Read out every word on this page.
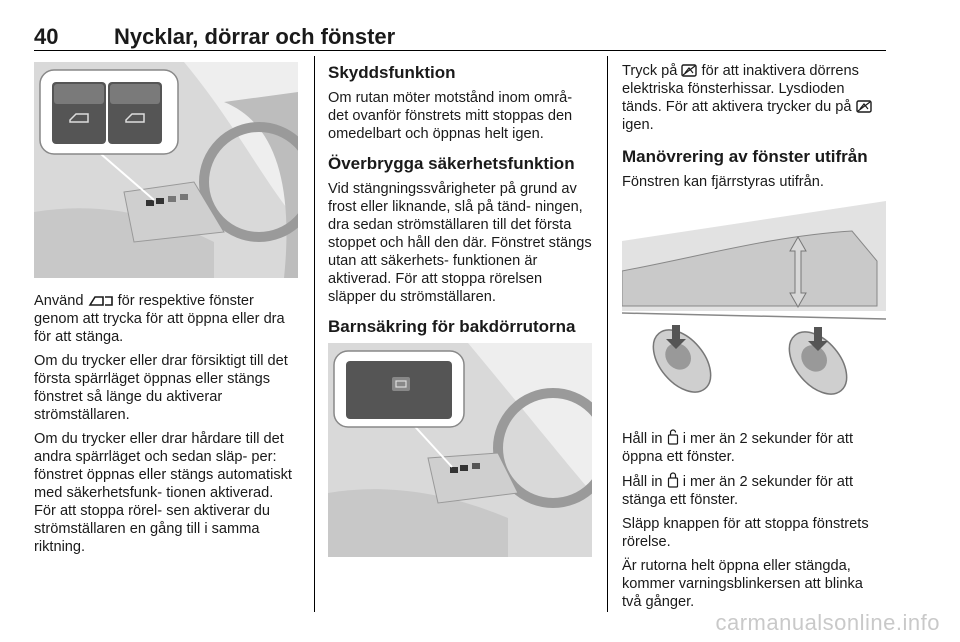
40	Nycklar, dörrar och fönster

Använd för respektive fönster genom att trycka för att öppna eller dra för att stänga.

Om du trycker eller drar försiktigt till det första spärrläget öppnas eller stängs fönstret så länge du aktiverar strömställaren.

Om du trycker eller drar hårdare till det andra spärrläget och sedan släp‐ per: fönstret öppnas eller stängs automatiskt med säkerhetsfunk‐ tionen aktiverad. För att stoppa rörel‐ sen aktiverar du strömställaren en gång till i samma riktning.

Skyddsfunktion

Om rutan möter motstånd inom områ‐ det ovanför fönstrets mitt stoppas den omedelbart och öppnas helt igen.

Överbrygga säkerhetsfunktion

Vid stängningssvårigheter på grund av frost eller liknande, slå på tänd‐ ningen, dra sedan strömställaren till det första stoppet och håll den där. Fönstret stängs utan att säkerhets‐ funktionen är aktiverad. För att stoppa rörelsen släpper du strömställaren.

Barnsäkring för bakdörrutorna

Tryck på för att inaktivera dörrens elektriska fönsterhissar. Lysdioden tänds. För att aktivera trycker du på  igen.

Manövrering av fönster utifrån

Fönstren kan fjärrstyras utifrån.

Håll in i mer än 2 sekunder för att öppna ett fönster.

Håll in i mer än 2 sekunder för att stänga ett fönster.

Släpp knappen för att stoppa fönstrets rörelse.

Är rutorna helt öppna eller stängda, kommer varningsblinkersen att blinka två gånger.

carmanualsonline.info
